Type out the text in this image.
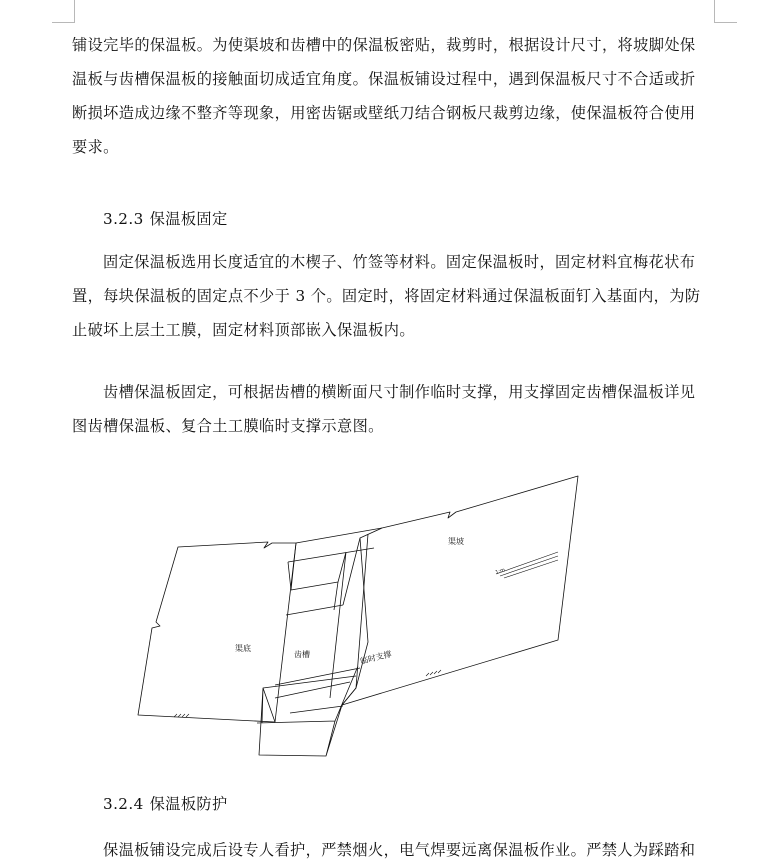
铺设完毕的保温板。为使渠坡和齿槽中的保温板密贴，裁剪时，根据设计尺寸，将坡脚处保
温板与齿槽保温板的接触面切成适宜角度。保温板铺设过程中，遇到保温板尺寸不合适或折
断损坏造成边缘不整齐等现象，用密齿锯或壁纸刀结合钢板尺裁剪边缘，使保温板符合使用
要求。

3.2.3 保温板固定

固定保温板选用长度适宜的木楔子、竹签等材料。固定保温板时，固定材料宜梅花状布
置，每块保温板的固定点不少于 3 个。固定时，将固定材料通过保温板面钉入基面内，为防
止破坏上层土工膜，固定材料顶部嵌入保温板内。

齿槽保温板固定，可根据齿槽的横断面尺寸制作临时支撑，用支撑固定齿槽保温板详见
图齿槽保温板、复合土工膜临时支撑示意图。

渠底
齿槽	临时支撑
渠坡
1:m
3.2.4 保温板防护

保温板铺设完成后设专人看护，严禁烟火，电气焊要远离保温板作业。严禁人为踩踏和
